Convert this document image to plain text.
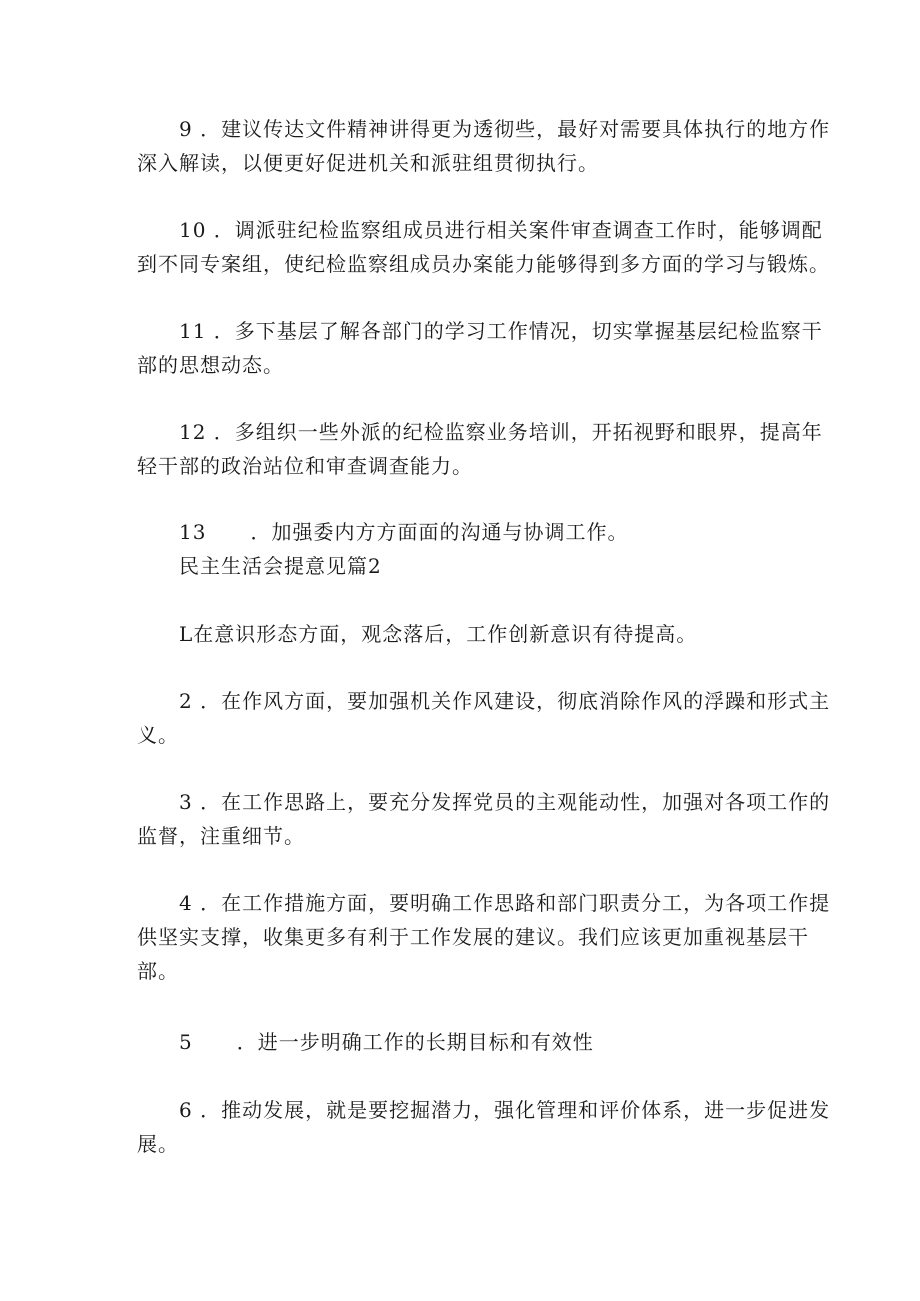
9 ．建议传达文件精神讲得更为透彻些，最好对需要具体执行的地方作
深入解读，以便更好促进机关和派驻组贯彻执行。
10 ．调派驻纪检监察组成员进行相关案件审查调查工作时，能够调配
到不同专案组，使纪检监察组成员办案能力能够得到多方面的学习与锻炼。
11 ．多下基层了解各部门的学习工作情况，切实掌握基层纪检监察干
部的思想动态。
12 ．多组织一些外派的纪检监察业务培训，开拓视野和眼界，提高年
轻干部的政治站位和审查调查能力。
13 ．加强委内方方面面的沟通与协调工作。
民主生活会提意见篇2
L在意识形态方面，观念落后，工作创新意识有待提高。
2 ．在作风方面，要加强机关作风建设，彻底消除作风的浮躁和形式主
义。
3 ．在工作思路上，要充分发挥党员的主观能动性，加强对各项工作的
监督，注重细节。
4 ．在工作措施方面，要明确工作思路和部门职责分工，为各项工作提
供坚实支撑，收集更多有利于工作发展的建议。我们应该更加重视基层干
部。
5 ．进一步明确工作的长期目标和有效性
6 ．推动发展，就是要挖掘潜力，强化管理和评价体系，进一步促进发
展。
